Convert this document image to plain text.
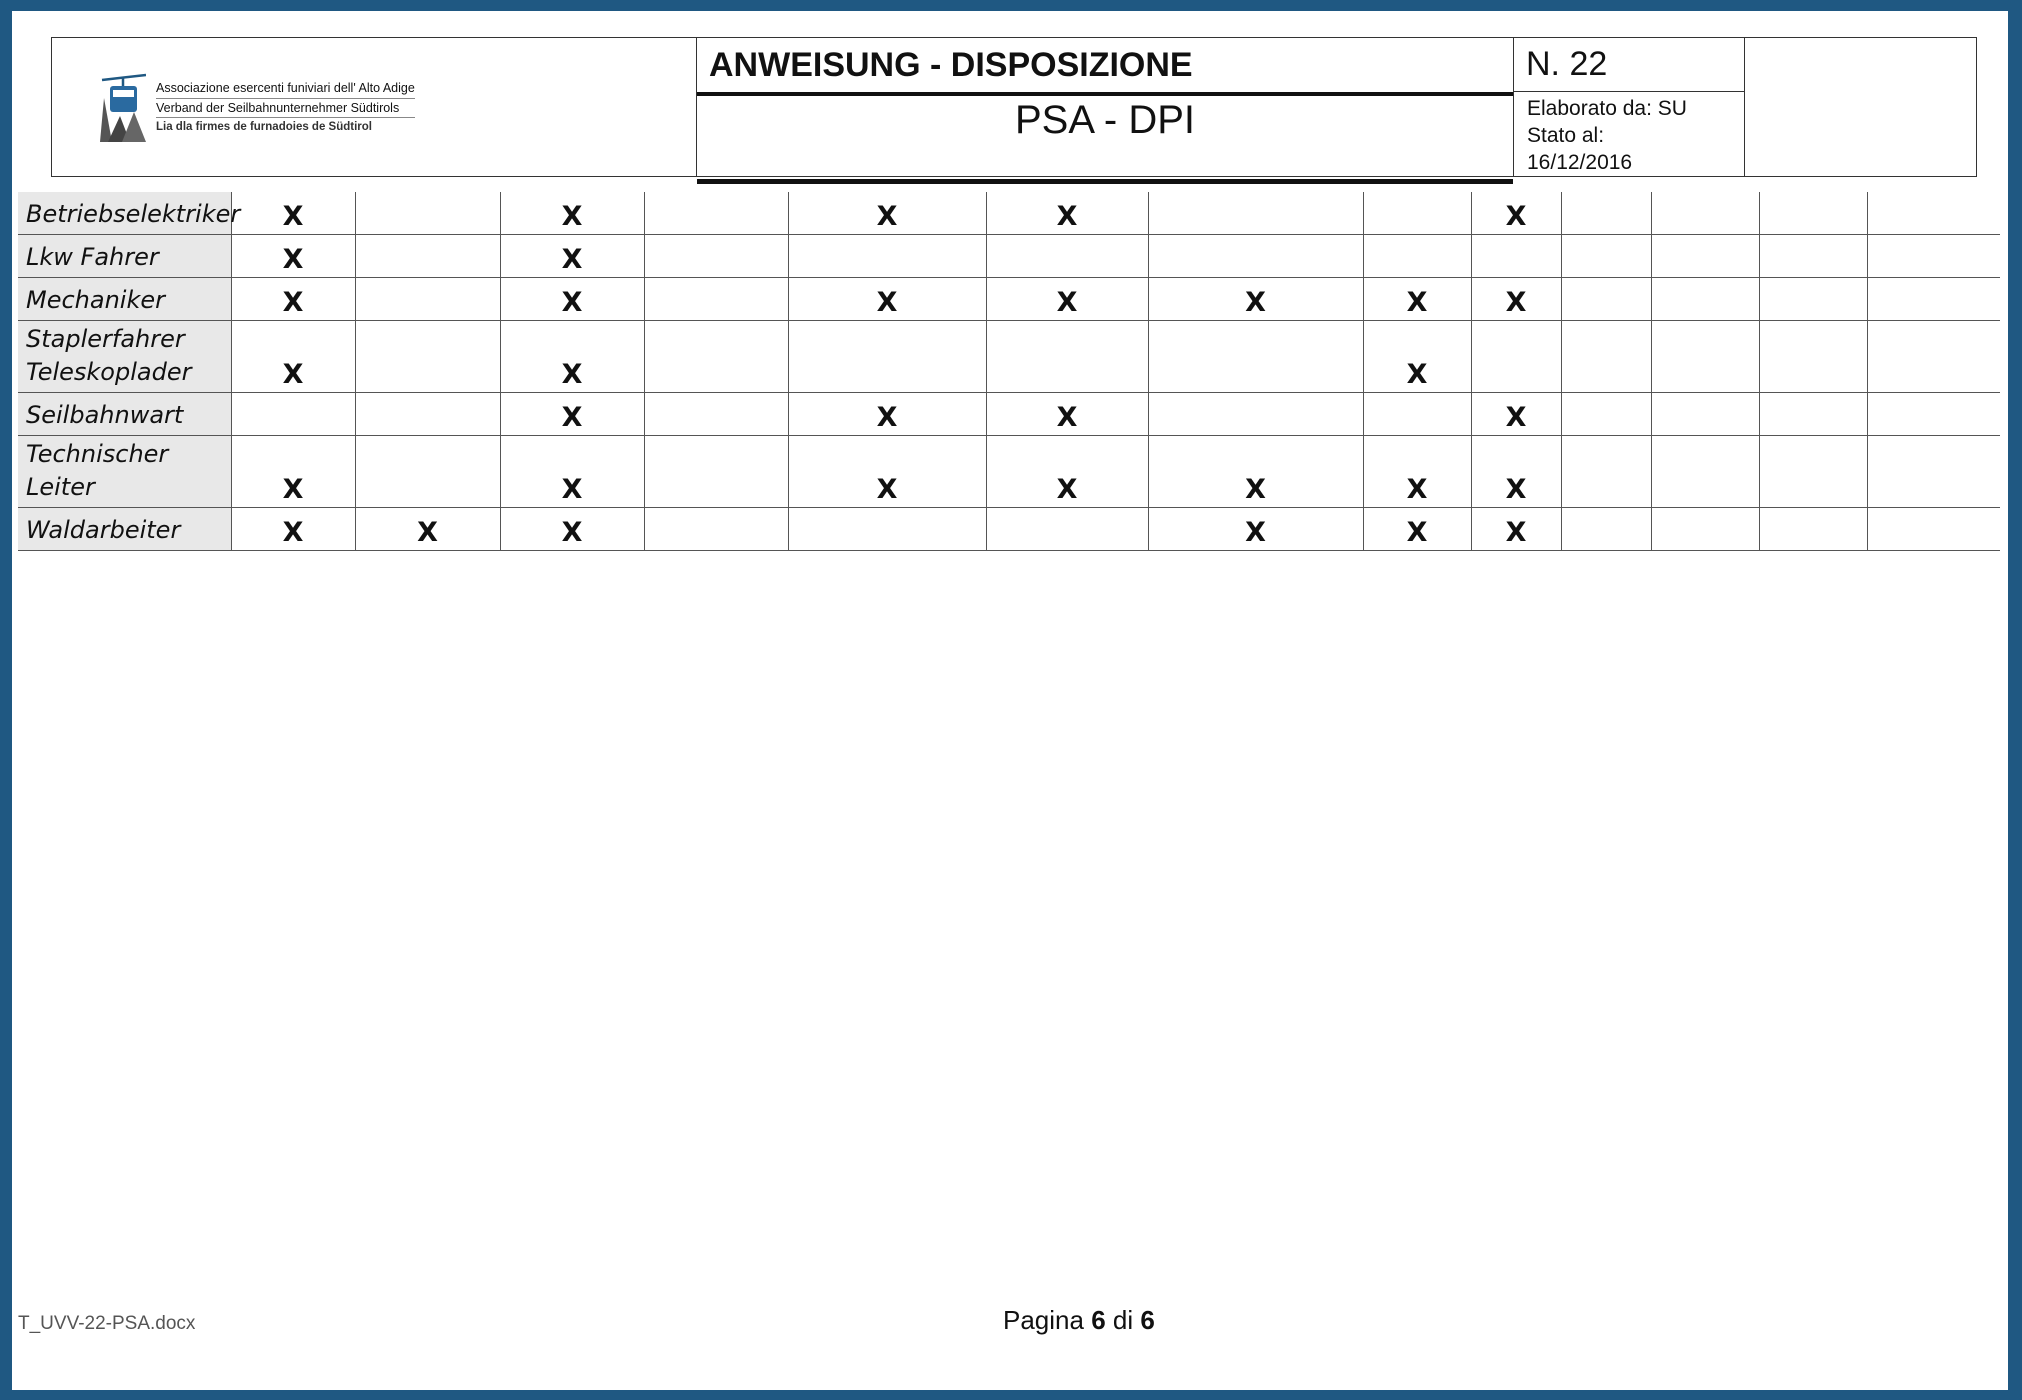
Associazione esercenti funiviari dell' Alto Adige
Verband der Seilbahnunternehmer Südtirols
Lia dla firmes de furnadoies de Südtirol
ANWEISUNG - DISPOSIZIONE
PSA - DPI
N. 22
Elaborato da: SU
Stato al:
16/12/2016
Betriebselektriker	X		X		X	X			X				
Lkw Fahrer	X		X										
Mechaniker	X		X		X	X	X	X	X				
Staplerfahrer Teleskoplader	X		X					X					
Seilbahnwart			X		X	X			X				
Technischer Leiter	X		X		X	X	X	X	X				
Waldarbeiter	X	X	X				X	X	X				
T_UVV-22-PSA.docx	Pagina 6 di 6
